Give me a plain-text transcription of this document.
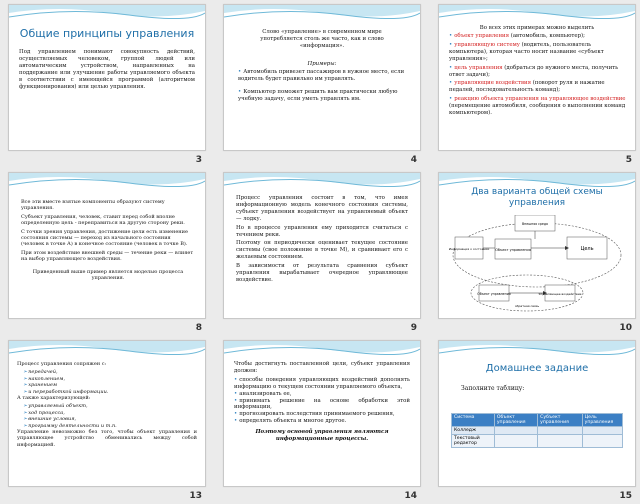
Общие принципы управления
Под управлением понимают совокупность действий, осуществляемых человеком, группой людей или автоматическим устройством, направленных на поддержание или улучшение работы управляемого объекта в соответствии с имеющейся программой (алгоритмом функционирования) или целью управления.
3
Слово «управление» в современном мире употребляется столь же часто, как и слово «информация».
Примеры:

• Автомобиль привезет пассажиров в нужное место, если водитель будет правильно им управлять.

• Компьютер поможет решить вам практически любую учебную задачу, если уметь управлять им.

4
Во всех этих примерах можно выделить

• объект управления (автомобиль, компьютер);

• управляющую систему (водитель, пользователь компьютера), которая часто носит название «субъект управления»;

• цель управления (добраться до нужного места, получить ответ задачи);

• управляющие воздействия (поворот руля и нажатие педалей, последовательность команд);

• реакцию объекта управления на управляющее воздействие (перемещение автомобиля, сообщения о выполнении команд компьютером).

5

Все эти вместе взятые компоненты образуют систему управления.

Субъект управления, человек, ставит перед собой вполне определенную цель - переправиться на другую сторону реки.

С точки зрения управления, достижение цели есть изменение состояния системы — переход из начального состояния (человек в точке А) в конечное состояние (человек в точке В).

При этом воздействие внешней среды — течение реки — влияет на выбор управляющего воздействия.

Приведенный выше пример является моделью процесса управления.

8

Процесс управления состоит в том, что имея информационную модель конечного состояния системы, субъект управления воздействует на управляемый объект — лодку.

Но в процессе управления ему приходится считаться с течением реки.

Поэтому он периодически оценивает текущее состояние системы (свое положение в точке М), и сравнивает его с желаемым состоянием.

В зависимости от результата сравнения субъект управления вырабатывает очередное управляющее воздействие.

9
Два варианта общей схемы управления
Цель
Объект управления
Внешняя среда
Информация о состоянии
Объект управления	Управляющее воздействие
обратная связь
10

Процесс управления сопряжен с:

➢ передачей,
➢ накоплением,
➢ хранением
➢ и переработкой информации.

А также характеризующей:

➢ управляемый объект,
➢ ход процесса,
➢ внешние условия,
➢ программу деятельности и т.п.

Управление невозможно без того, чтобы объект управления и управляющее устройство обменивались между собой информацией.

13

Чтобы достигнуть поставленной цели, субъект управления должен:

• способы поведения управляющих воздействий дополнять информацию о текущем состоянии управляемого объекта,

• анализировать ее,

• принимать решение на основе обработки этой информации,

• прогнозировать последствия принимаемого решения,

• определять объекта и многое другое.

Поэтому основой управления являются информационные процессы.

14
Домашнее задание
Заполните таблицу:
Система	Объект управления	Субъект управления	Цель управления
Колледж			
Текстовый редактор			
15
